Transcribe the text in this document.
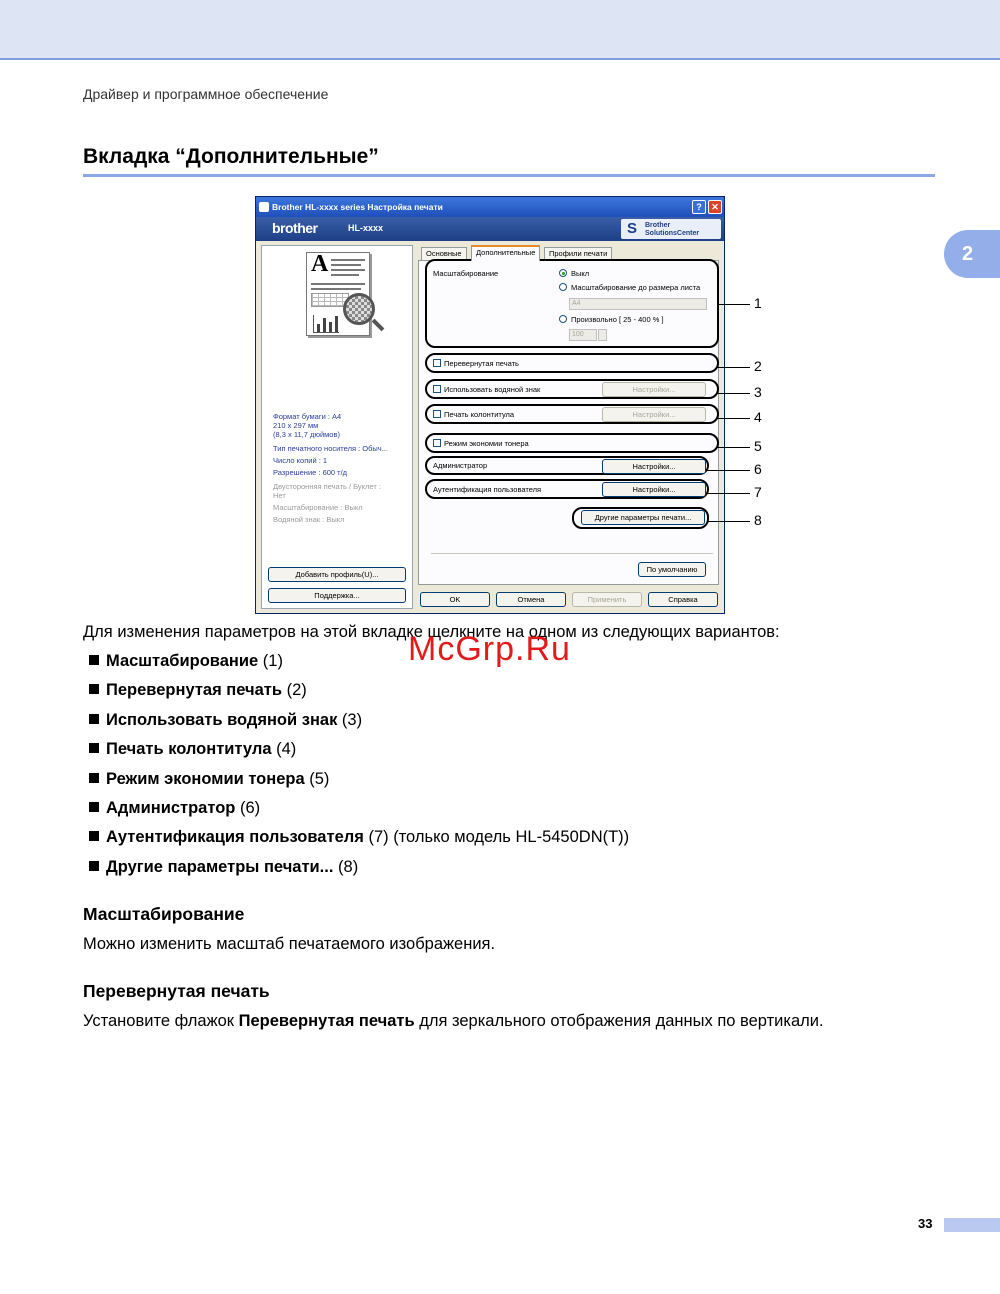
Драйвер и программное обеспечение
Вкладка “Дополнительные”
2
Brother HL-xxxx series Настройка печати	?	✕
brother	HL-xxxx	S Brother
SolutionsCenter
A
Формат бумаги : A4
210 x 297 мм
(8,3 x 11,7 дюймов)
Тип печатного носителя : Обыч...
Число копий : 1
Разрешение : 600 т/д
Двусторонняя печать / Буклет :
Нет
Масштабирование : Выкл
Водяной знак : Выкл
Добавить профиль(U)...
Поддержка...
Основные	Дополнительные	Профили печати
Масштабирование	Выкл
Масштабирование до размера листа
A4
Произвольно [ 25 - 400 % ]
100
Перевернутая печать
Использовать водяной знак	Настройки...
Печать колонтитула	Настройки...
Режим экономии тонера
Администратор	Настройки...
Аутентификация пользователя	Настройки...
Другие параметры печати...
По умолчанию
OK	Отмена	Применить	Справка
1
2
3
4
5
6
7
8
Для изменения параметров на этой вкладке щелкните на одном из следующих вариантов:
McGrp.Ru
Масштабирование (1)
Перевернутая печать (2)
Использовать водяной знак (3)
Печать колонтитула (4)
Режим экономии тонера (5)
Администратор (6)
Аутентификация пользователя (7) (только модель HL-5450DN(T))
Другие параметры печати... (8)
Масштабирование
Можно изменить масштаб печатаемого изображения.
Перевернутая печать
Установите флажок Перевернутая печать для зеркального отображения данных по вертикали.
33
